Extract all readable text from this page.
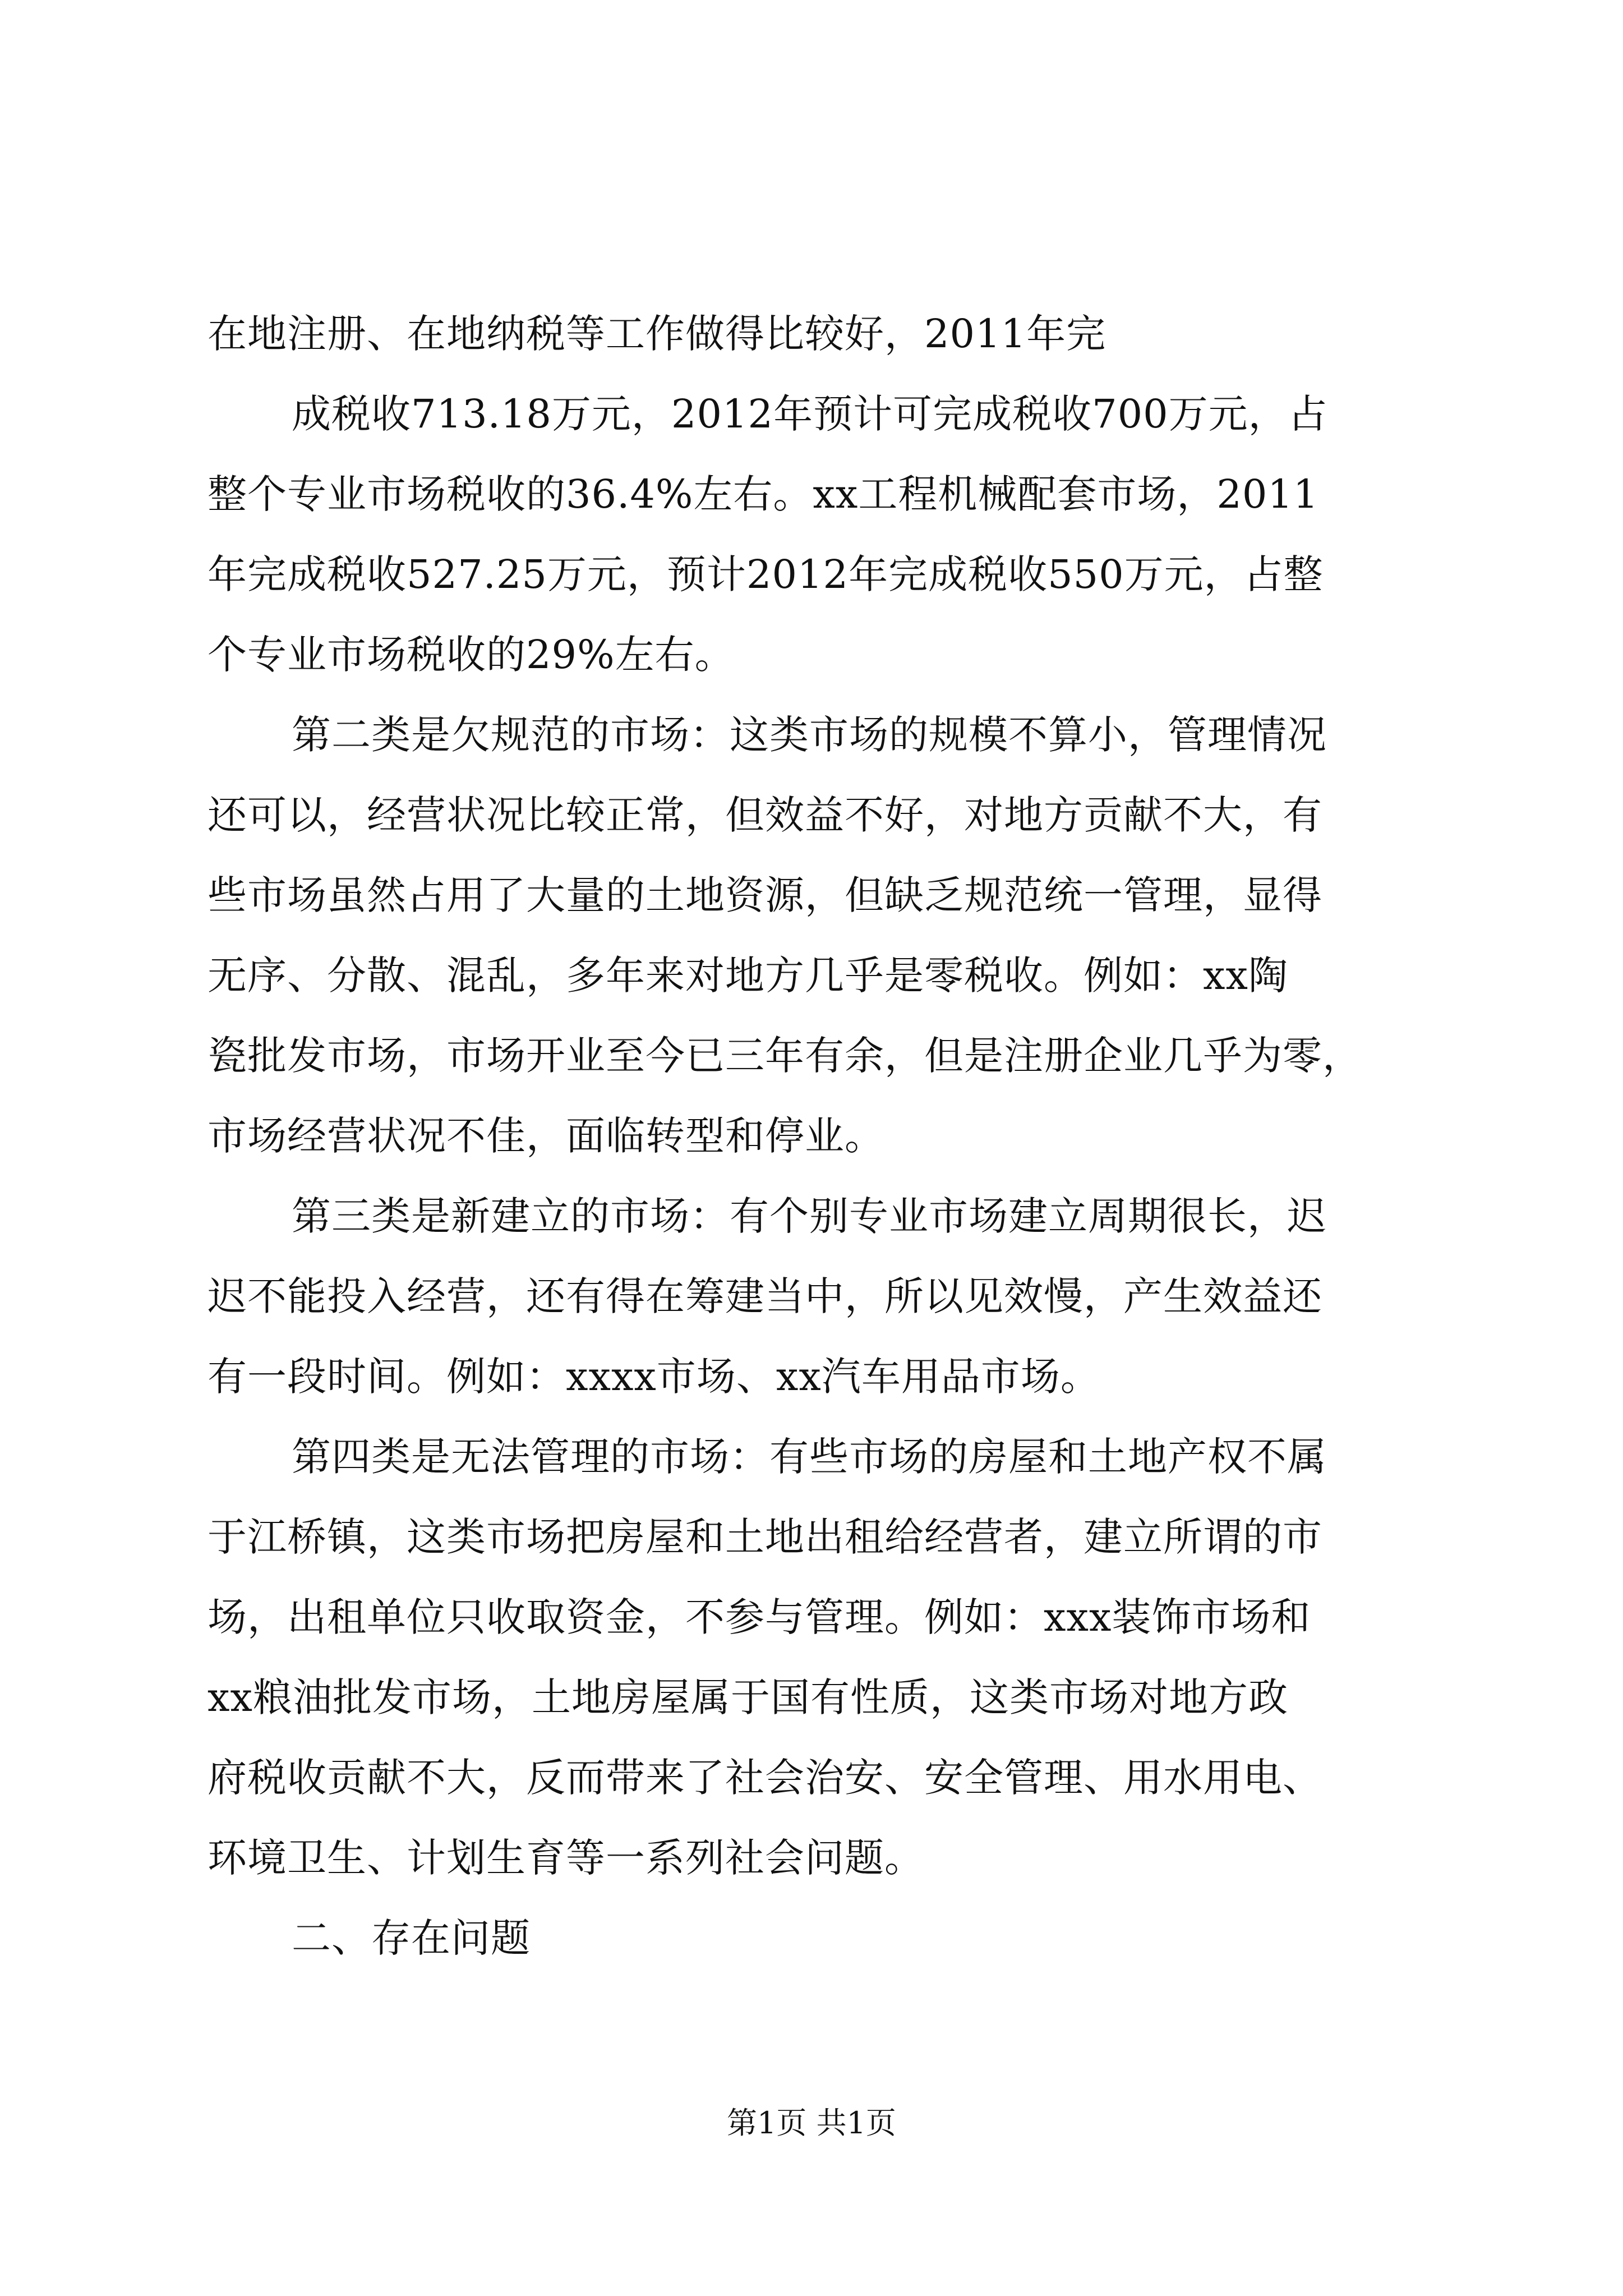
在地注册、在地纳税等工作做得比较好，2011年完
成税收713.18万元，2012年预计可完成税收700万元，占
整个专业市场税收的36.4%左右。xx工程机械配套市场，2011
年完成税收527.25万元，预计2012年完成税收550万元，占整
个专业市场税收的29%左右。
第二类是欠规范的市场：这类市场的规模不算小，管理情况
还可以，经营状况比较正常，但效益不好，对地方贡献不大，有
些市场虽然占用了大量的土地资源，但缺乏规范统一管理，显得
无序、分散、混乱，多年来对地方几乎是零税收。例如：xx陶
瓷批发市场，市场开业至今已三年有余，但是注册企业几乎为零，
市场经营状况不佳，面临转型和停业。
第三类是新建立的市场：有个别专业市场建立周期很长，迟
迟不能投入经营，还有得在筹建当中，所以见效慢，产生效益还
有一段时间。例如：xxxx市场、xx汽车用品市场。
第四类是无法管理的市场：有些市场的房屋和土地产权不属
于江桥镇，这类市场把房屋和土地出租给经营者，建立所谓的市
场，出租单位只收取资金，不参与管理。例如：xxx装饰市场和
xx粮油批发市场，土地房屋属于国有性质，这类市场对地方政
府税收贡献不大，反而带来了社会治安、安全管理、用水用电、
环境卫生、计划生育等一系列社会问题。
二、存在问题
第1页 共1页
